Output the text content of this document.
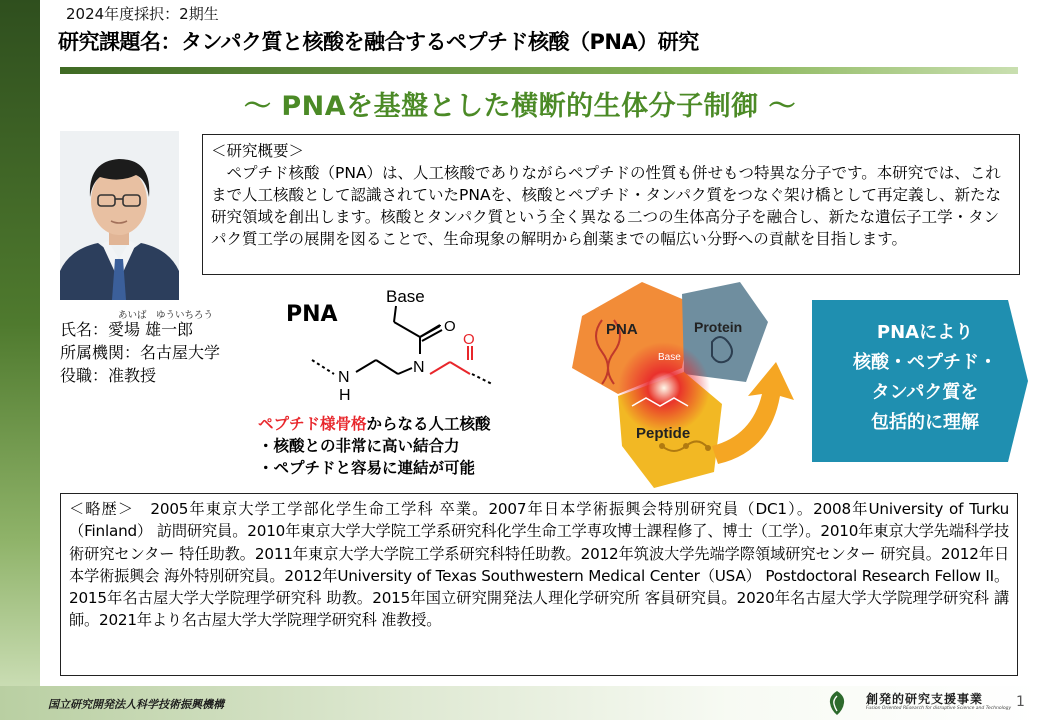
2024年度採択：2期生
研究課題名：タンパク質と核酸を融合するペプチド核酸（PNA）研究
～ PNAを基盤とした横断的生体分子制御 ～
＜研究概要＞
ペプチド核酸（PNA）は、人工核酸でありながらペプチドの性質も併せもつ特異な分子です。本研究では、これまで人工核酸として認識されていたPNAを、核酸とペプチド・タンパク質をつなぐ架け橋として再定義し、新たな研究領域を創出します。核酸とタンパク質という全く異なる二つの生体高分子を融合し、新たな遺伝子工学・タンパク質工学の展開を図ることで、生命現象の解明から創薬までの幅広い分野への貢献を目指します。
あいば　ゆういちろう
氏名：愛場 雄一郎
所属機関：名古屋大学
役職：准教授
PNA
Base
O
N
O
N
H
ペプチド様骨格からなる人工核酸
・核酸との非常に高い結合力
・ペプチドと容易に連結が可能
PNA	Protein
Peptide
Base
PNAにより
核酸・ペプチド・
タンパク質を
包括的に理解
＜略歴＞　2005年東京大学工学部化学生命工学科 卒業。2007年日本学術振興会特別研究員（DC1）。2008年University of Turku（Finland） 訪問研究員。2010年東京大学大学院工学系研究科化学生命工学専攻博士課程修了、博士（工学）。2010年東京大学先端科学技術研究センター 特任助教。2011年東京大学大学院工学系研究科特任助教。2012年筑波大学先端学際領域研究センター 研究員。2012年日本学術振興会 海外特別研究員。2012年University of Texas Southwestern Medical Center（USA） Postdoctoral Research Fellow II。2015年名古屋大学大学院理学研究科 助教。2015年国立研究開発法人理化学研究所 客員研究員。2020年名古屋大学大学院理学研究科 講師。2021年より名古屋大学大学院理学研究科 准教授。
国立研究開発法人科学技術振興機構	創発的研究支援事業
Fusion Oriented REsearch for disruptive Science and Technology 1
